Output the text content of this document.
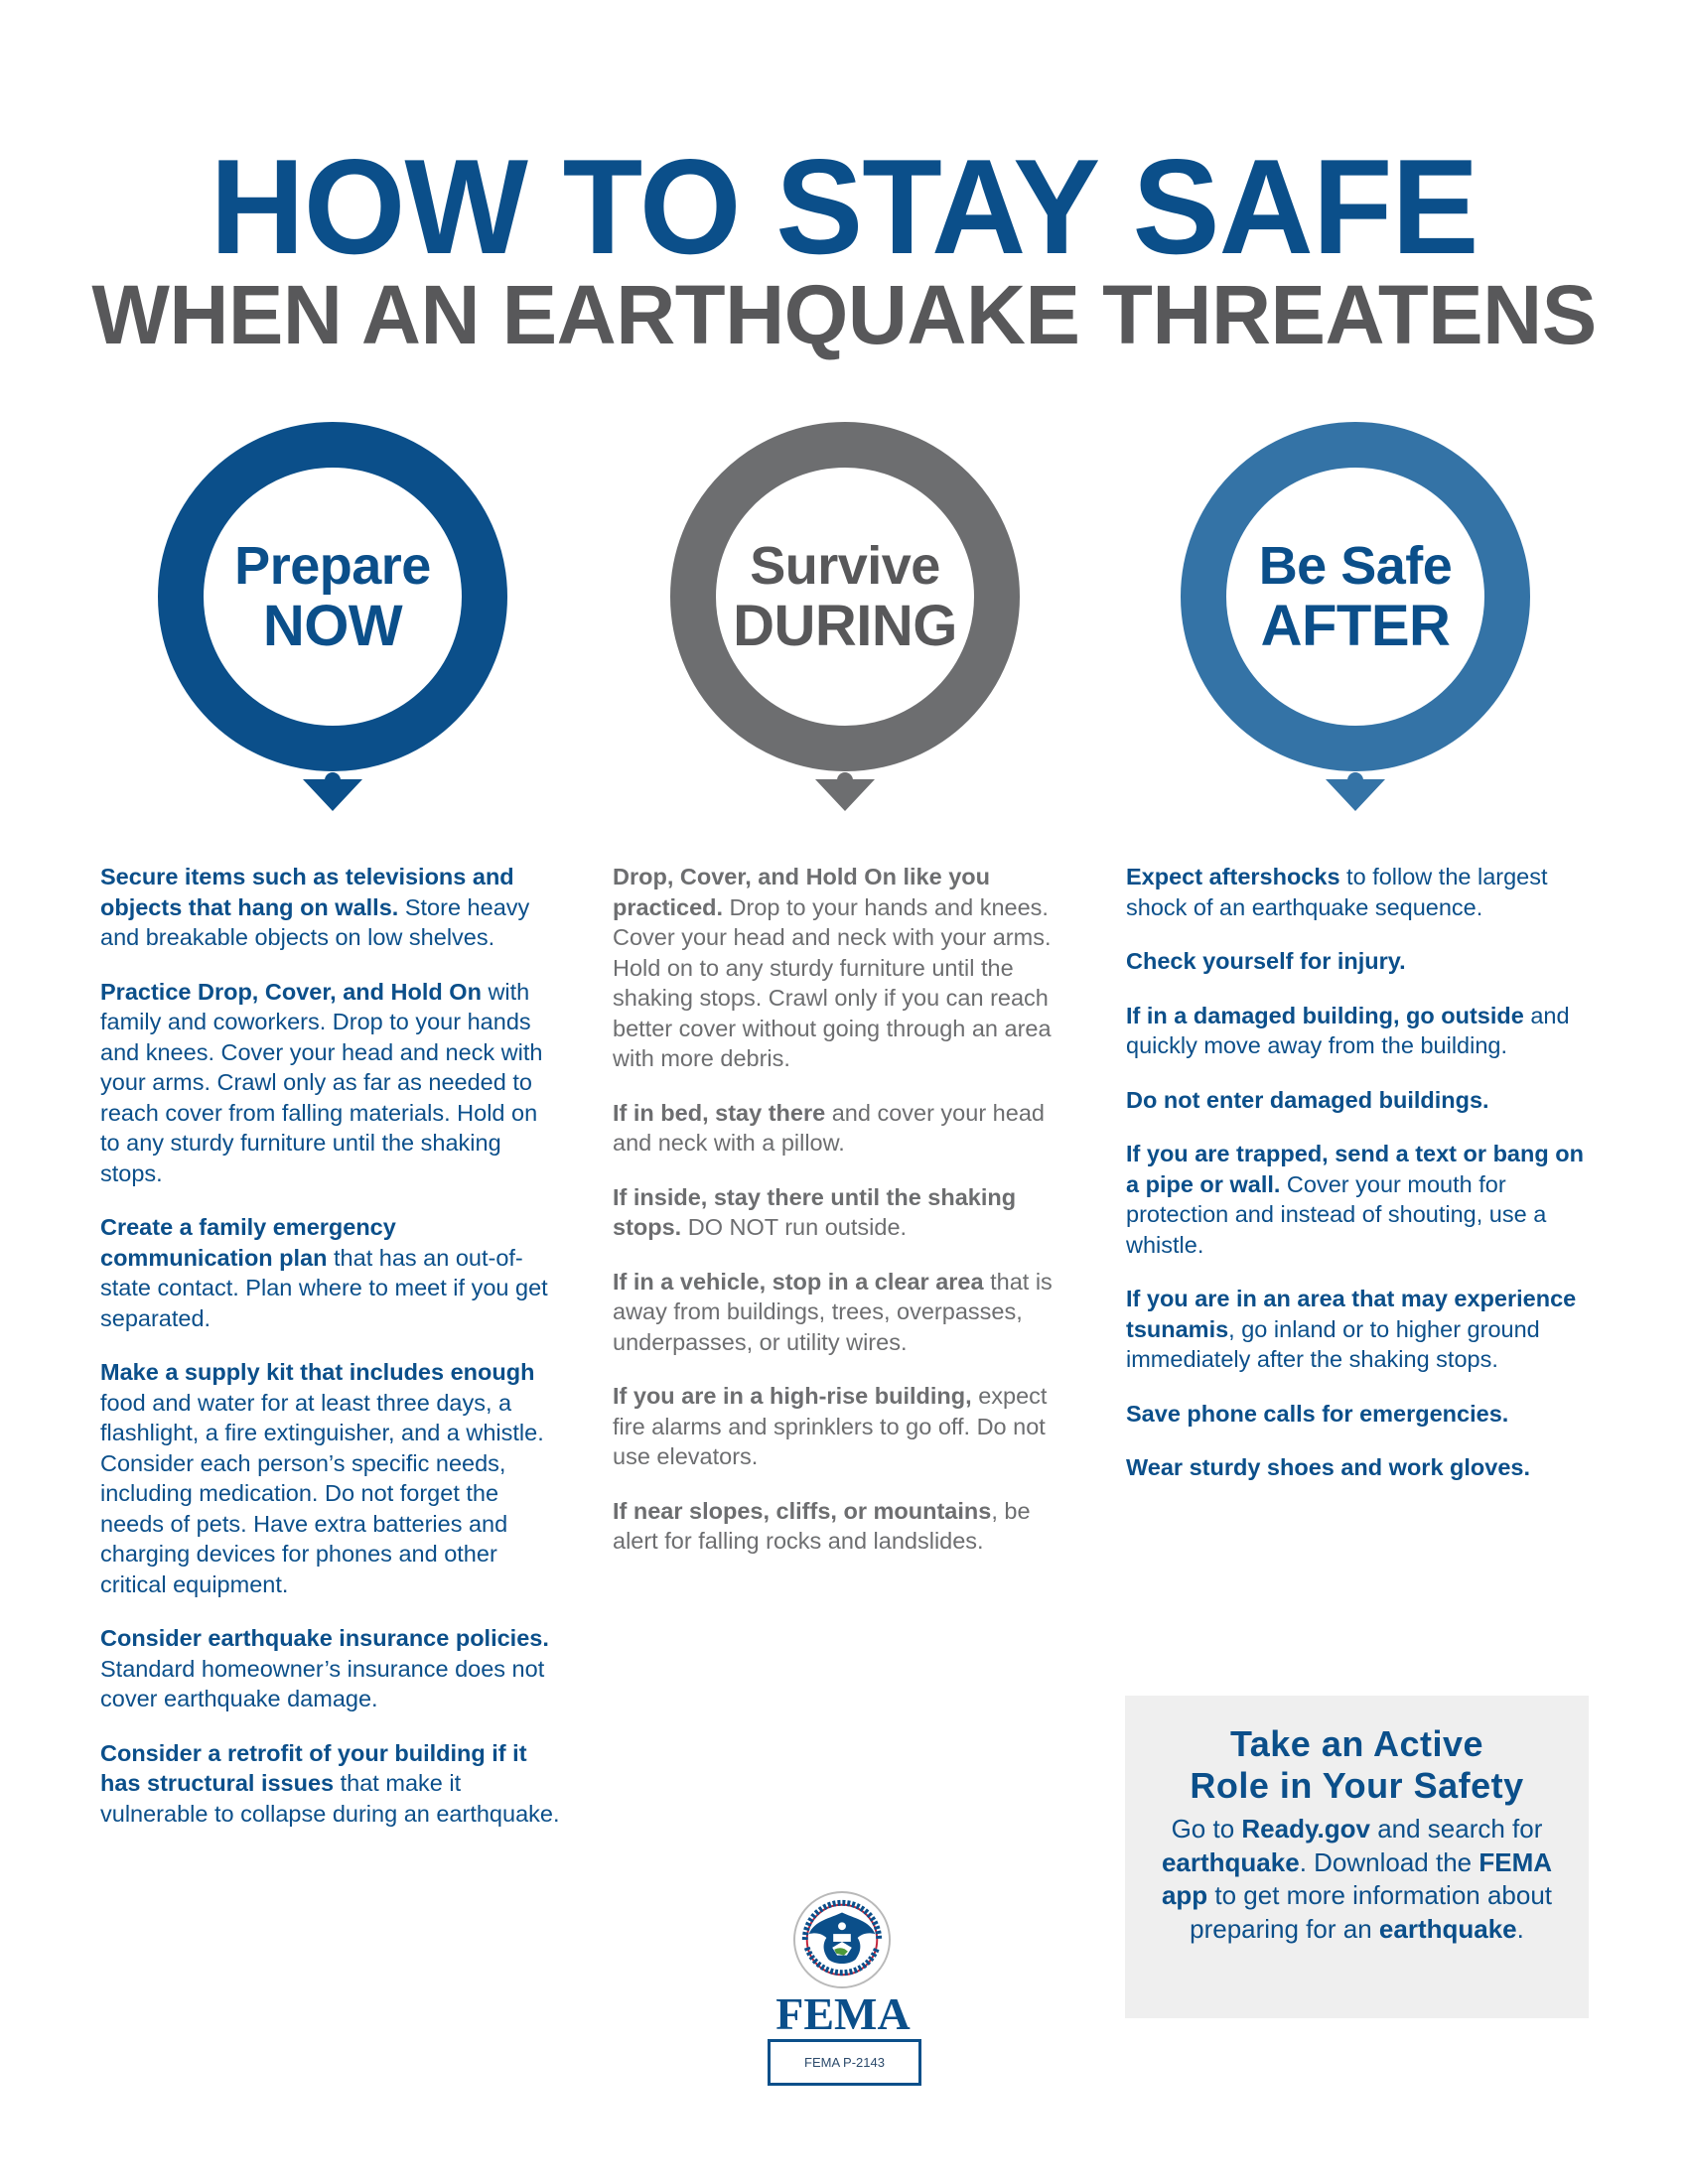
HOW TO STAY SAFE
WHEN AN EARTHQUAKE THREATENS
Prepare
NOW
Survive
DURING
Be Safe
AFTER

Secure items such as televisions and objects that hang on walls. Store heavy and breakable objects on low shelves.

Practice Drop, Cover, and Hold On with family and coworkers. Drop to your hands and knees. Cover your head and neck with your arms. Crawl only as far as needed to reach cover from falling materials. Hold on to any sturdy furniture until the shaking stops.

Create a family emergency communication plan that has an out-of-state contact. Plan where to meet if you get separated.

Make a supply kit that includes enough food and water for at least three days, a flashlight, a fire extinguisher, and a whistle. Consider each person’s specific needs, including medication. Do not forget the needs of pets. Have extra batteries and charging devices for phones and other critical equipment.

Consider earthquake insurance policies. Standard homeowner’s insurance does not cover earthquake damage.

Consider a retrofit of your building if it has structural issues that make it vulnerable to collapse during an earthquake.

Drop, Cover, and Hold On like you practiced. Drop to your hands and knees. Cover your head and neck with your arms. Hold on to any sturdy furniture until the shaking stops. Crawl only if you can reach better cover without going through an area with more debris.

If in bed, stay there and cover your head and neck with a pillow.

If inside, stay there until the shaking stops. DO NOT run outside.

If in a vehicle, stop in a clear area that is away from buildings, trees, overpasses, underpasses, or utility wires.

If you are in a high-rise building, expect fire alarms and sprinklers to go off. Do not use elevators.

If near slopes, cliffs, or mountains, be alert for falling rocks and landslides.

Expect aftershocks to follow the largest shock of an earthquake sequence.

Check yourself for injury.

If in a damaged building, go outside and quickly move away from the building.

Do not enter damaged buildings.

If you are trapped, send a text or bang on a pipe or wall. Cover your mouth for protection and instead of shouting, use a whistle.

If you are in an area that may experience tsunamis, go inland or to higher ground immediately after the shaking stops.

Save phone calls for emergencies.

Wear sturdy shoes and work gloves.

Take an Active
Role in Your Safety

Go to Ready.gov and search for earthquake. Download the FEMA app to get more information about preparing for an earthquake.

FEMA
FEMA P-2143
